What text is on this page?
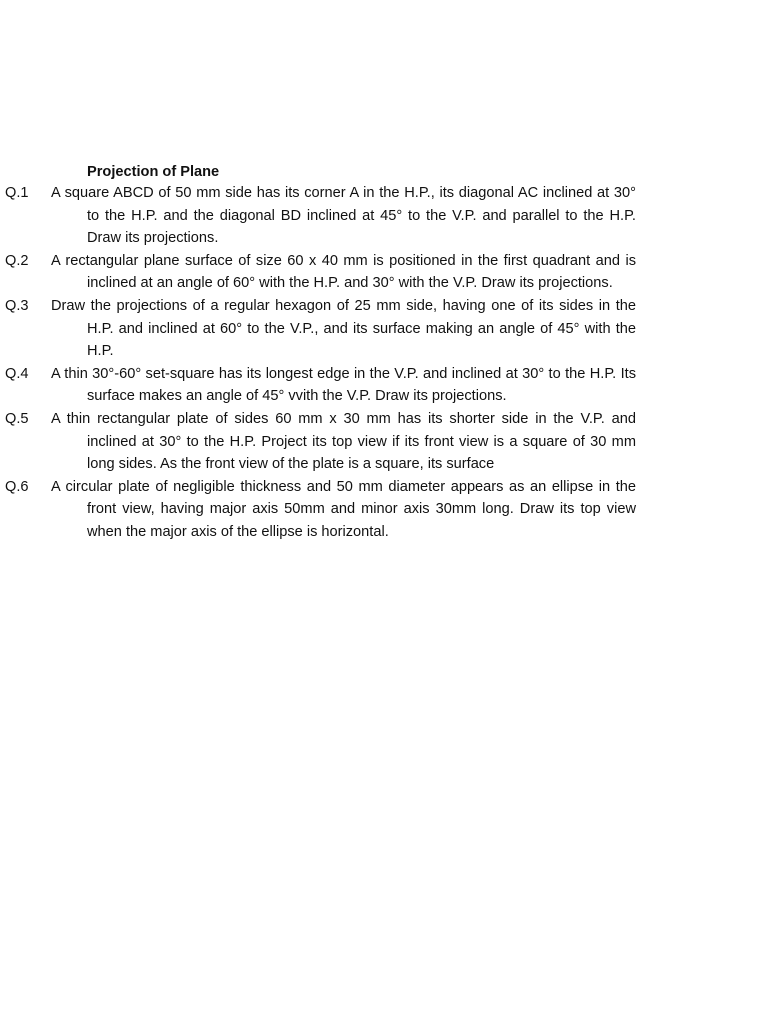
Projection of Plane

Q.1 A square ABCD of 50 mm side has its corner A in the H.P., its diagonal AC inclined at 30° to the H.P. and the diagonal BD inclined at 45° to the V.P. and parallel to the H.P. Draw its projections.

Q.2 A rectangular plane surface of size 60 x 40 mm is positioned in the first quadrant and is inclined at an angle of 60° with the H.P. and 30° with the V.P. Draw its projections.

Q.3 Draw the projections of a regular hexagon of 25 mm side, having one of its sides in the H.P. and inclined at 60° to the V.P., and its surface making an angle of 45° with the H.P.

Q.4 A thin 30°-60° set-square has its longest edge in the V.P. and inclined at 30° to the H.P. Its surface makes an angle of 45° vvith the V.P. Draw its projections.

Q.5 A thin rectangular plate of sides 60 mm x 30 mm has its shorter side in the V.P. and inclined at 30° to the H.P. Project its top view if its front view is a square of 30 mm long sides. As the front view of the plate is a square, its surface

Q.6 A circular plate of negligible thickness and 50 mm diameter appears as an ellipse in the front view, having major axis 50mm and minor axis 30mm long. Draw its top view when the major axis of the ellipse is horizontal.
